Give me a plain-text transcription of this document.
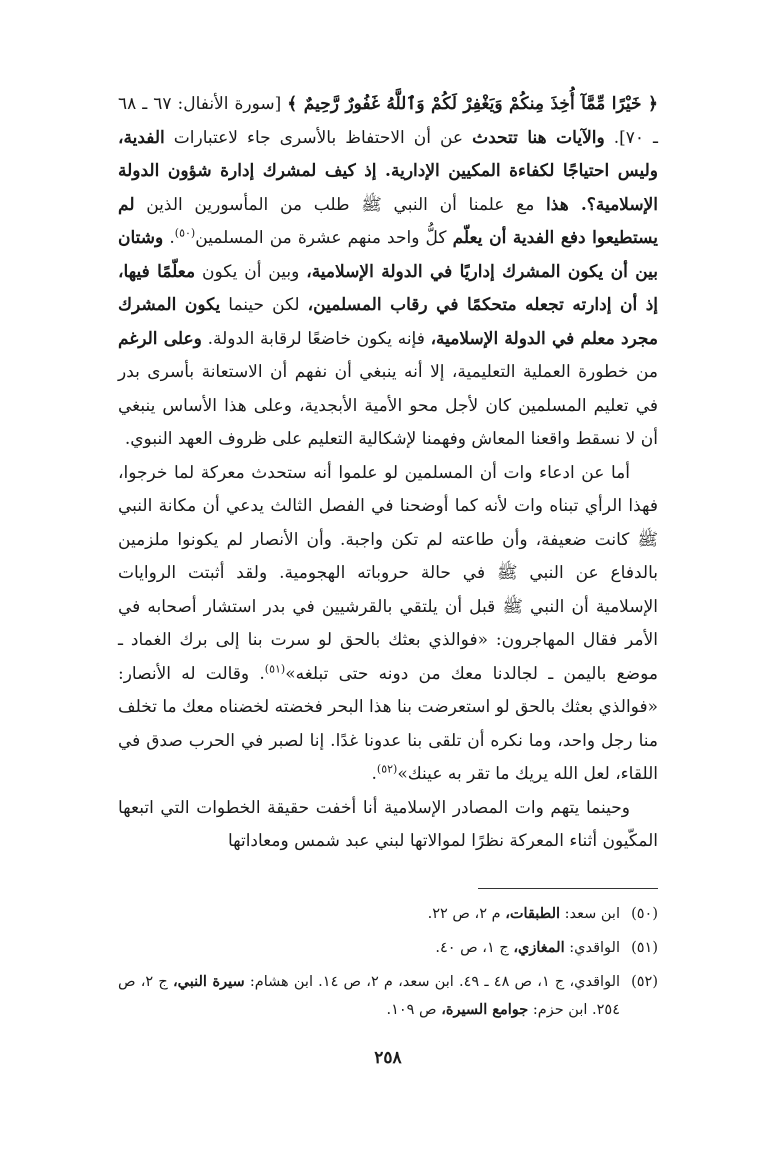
﴿ خَيْرًا مِّمَّآ أُخِذَ مِنكُمْ وَيَغْفِرْ لَكُمْ وَٱللَّهُ غَفُورٌ رَّحِيمٌ ﴾ [سورة الأنفال: ٦٧ ـ ٦٨ ـ ٧٠]. والآيات هنا تتحدث عن أن الاحتفاظ بالأسرى جاء لاعتبارات الفدية، وليس احتياجًا لكفاءة المكيين الإدارية. إذ كيف لمشرك إدارة شؤون الدولة الإسلامية؟. هذا مع علمنا أن النبي ﷺ طلب من المأسورين الذين لم يستطيعوا دفع الفدية أن يعلّم كلُّ واحد منهم عشرة من المسلمين$^{(٥٠)}$. وشتان بين أن يكون المشرك إداريًا في الدولة الإسلامية، وبين أن يكون معلّمًا فيها، إذ أن إدارته تجعله متحكمًا في رقاب المسلمين، لكن حينما يكون المشرك مجرد معلم في الدولة الإسلامية، فإنه يكون خاضعًا لرقابة الدولة. وعلى الرغم من خطورة العملية التعليمية، إلا أنه ينبغي أن نفهم أن الاستعانة بأسرى بدر في تعليم المسلمين كان لأجل محو الأمية الأبجدية، وعلى هذا الأساس ينبغي أن لا نسقط واقعنا المعاش وفهمنا لإشكالية التعليم على ظروف العهد النبوي.

أما عن ادعاء وات أن المسلمين لو علموا أنه ستحدث معركة لما خرجوا، فهذا الرأي تبناه وات لأنه كما أوضحنا في الفصل الثالث يدعي أن مكانة النبي ﷺ كانت ضعيفة، وأن طاعته لم تكن واجبة. وأن الأنصار لم يكونوا ملزمين بالدفاع عن النبي ﷺ في حالة حروباته الهجومية. ولقد أثبتت الروايات الإسلامية أن النبي ﷺ قبل أن يلتقي بالقرشيين في بدر استشار أصحابه في الأمر فقال المهاجرون: «فوالذي بعثك بالحق لو سرت بنا إلى برك الغماد ـ موضع باليمن ـ لجالدنا معك من دونه حتى تبلغه»$^{(٥١)}$. وقالت له الأنصار: «فوالذي بعثك بالحق لو استعرضت بنا هذا البحر فخضته لخضناه معك ما تخلف منا رجل واحد، وما نكره أن تلقى بنا عدونا غدًا. إنا لصبر في الحرب صدق في اللقاء، لعل الله يريك ما تقر به عينك»$^{(٥٢)}$.

وحينما يتهم وات المصادر الإسلامية أنا أخفت حقيقة الخطوات التي اتبعها المكّيون أثناء المعركة نظرًا لموالاتها لبني عبد شمس ومعاداتها

(٥٠)
ابن سعد: الطبقات، م ٢، ص ٢٢.
(٥١)
الواقدي: المغازي، ج ١، ص ٤٠.
(٥٢)
الواقدي، ج ١، ص ٤٨ ـ ٤٩. ابن سعد، م ٢، ص ١٤. ابن هشام: سيرة النبي، ج ٢، ص ٢٥٤. ابن حزم: جوامع السيرة، ص ١٠٩.
٢٥٨
